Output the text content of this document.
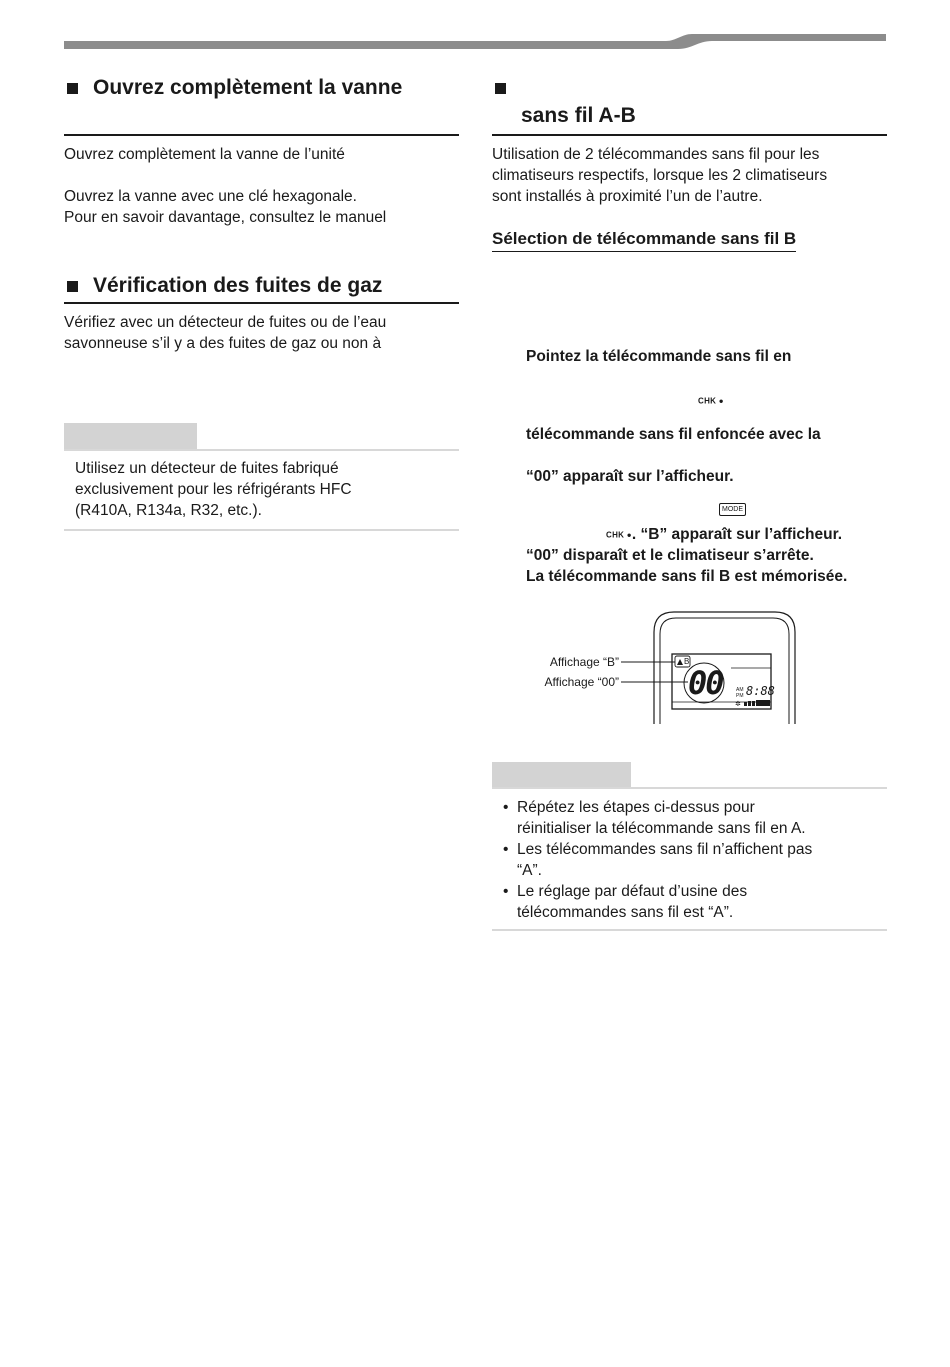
Ouvrez complètement la vanne

Ouvrez complètement la vanne de l’unité

Ouvrez la vanne avec une clé hexagonale.
Pour en savoir davantage, consultez le manuel

Vérification des fuites de gaz

Vérifiez avec un détecteur de fuites ou de l’eau
savonneuse s’il y a des fuites de gaz ou non à

Utilisez un détecteur de fuites fabriqué
exclusivement pour les réfrigérants HFC
(R410A, R134a, R32, etc.).

sans fil A-B

Utilisation de 2 télécommandes sans fil pour les
climatiseurs respectifs, lorsque les 2 climatiseurs
sont installés à proximité l’un de l’autre.

Sélection de télécommande sans fil B
Pointez la télécommande sans fil en
CHK ●
télécommande sans fil enfoncée avec la
“00” apparaît sur l’afficheur.
MODE
CHK ●. “B” apparaît sur l’afficheur.
“00” disparaît et le climatiseur s’arrête.
La télécommande sans fil B est mémorisée.
Affichage “B”
Affichage “00”
✲
B
00	AM
PM 8:88
• Répétez les étapes ci-dessus pour
réinitialiser la télécommande sans fil en A.
• Les télécommandes sans fil n’affichent pas
“A”.
• Le réglage par défaut d’usine des
télécommandes sans fil est “A”.
